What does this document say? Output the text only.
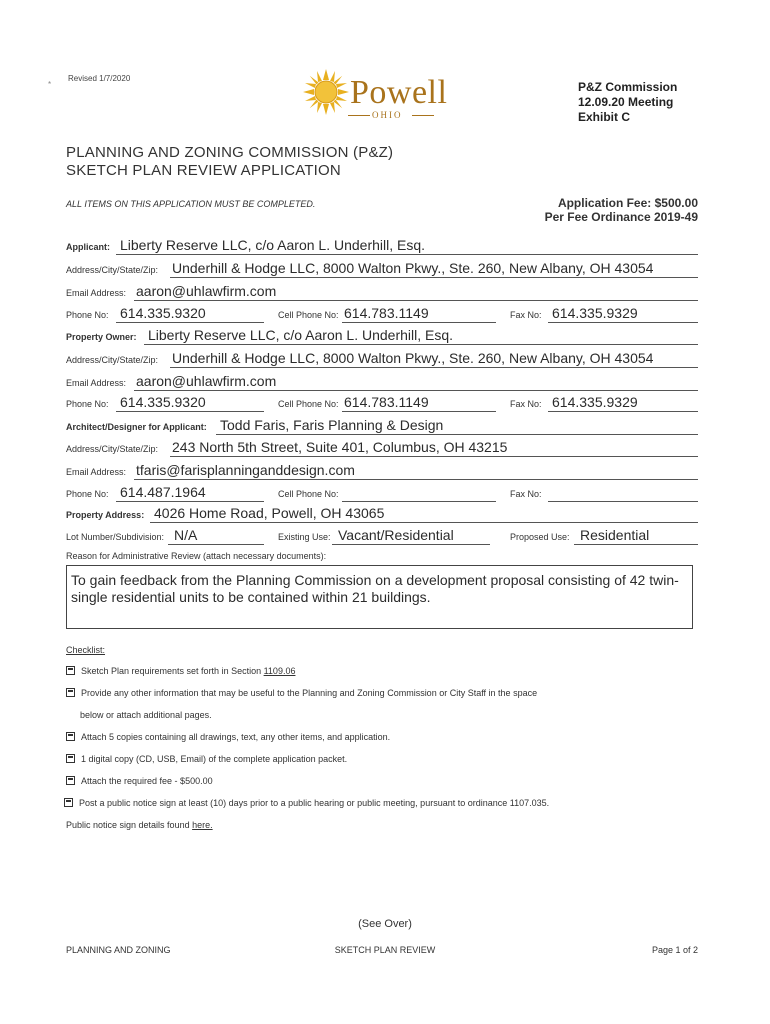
*
Revised 1/7/2020	Powell
OHIO
P&Z Commission
12.09.20 Meeting
Exhibit C
PLANNING AND ZONING COMMISSION (P&Z)
SKETCH PLAN REVIEW APPLICATION
ALL ITEMS ON THIS APPLICATION MUST BE COMPLETED.	Application Fee: $500.00
Per Fee Ordinance 2019-49
Applicant: Liberty Reserve LLC, c/o Aaron L. Underhill, Esq.
Address/City/State/Zip: Underhill & Hodge LLC, 8000 Walton Pkwy., Ste. 260, New Albany, OH 43054
Email Address: aaron@uhlawfirm.com
Phone No: 614.335.9320	Cell Phone No: 614.783.1149	Fax No: 614.335.9329
Property Owner: Liberty Reserve LLC, c/o Aaron L. Underhill, Esq.
Address/City/State/Zip: Underhill & Hodge LLC, 8000 Walton Pkwy., Ste. 260, New Albany, OH 43054
Email Address: aaron@uhlawfirm.com
Phone No: 614.335.9320	Cell Phone No: 614.783.1149	Fax No: 614.335.9329
Architect/Designer for Applicant: Todd Faris, Faris Planning & Design
Address/City/State/Zip: 243 North 5th Street, Suite 401, Columbus, OH 43215
Email Address: tfaris@farisplanninganddesign.com
Phone No: 614.487.1964	Cell Phone No:	Fax No:
Property Address: 4026 Home Road, Powell, OH 43065
Lot Number/Subdivision: N/A	Existing Use: Vacant/Residential	Proposed Use: Residential
Reason for Administrative Review (attach necessary documents):
To gain feedback from the Planning Commission on a development proposal consisting of 42 twin-single residential units to be contained within 21 buildings.
Checklist:
Sketch Plan requirements set forth in Section 1109.06
Provide any other information that may be useful to the Planning and Zoning Commission or City Staff in the space
below or attach additional pages.
Attach 5 copies containing all drawings, text, any other items, and application.
1 digital copy (CD, USB, Email) of the complete application packet.
Attach the required fee - $500.00
Post a public notice sign at least (10) days prior to a public hearing or public meeting, pursuant to ordinance 1107.035.
Public notice sign details found here.
(See Over)
PLANNING AND ZONING	SKETCH PLAN REVIEW	Page 1 of 2
